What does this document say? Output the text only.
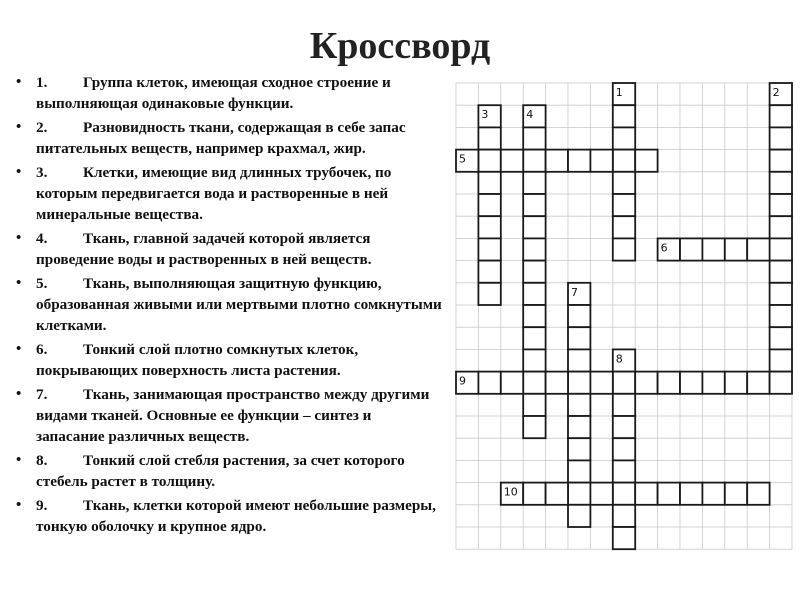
Кроссворд
• 1. Группа клеток, имеющая сходное строение и выполняющая одинаковые функции.
• 2. Разновидность ткани, содержащая в себе запас питательных веществ, например крахмал, жир.
• 3. Клетки, имеющие вид длинных трубочек, по которым передвигается вода и растворенные в ней минеральные вещества.
• 4. Ткань, главной задачей которой является проведение воды и растворенных в ней веществ.
• 5. Ткань, выполняющая защитную функцию, образованная живыми или мертвыми плотно сомкнутыми клетками.
• 6. Тонкий слой плотно сомкнутых клеток, покрывающих поверхность листа растения.
• 7. Ткань, занимающая пространство между другими видами тканей. Основные ее функции – синтез и запасание различных веществ.
• 8. Тонкий слой стебля растения, за счет которого стебель растет в толщину.
• 9. Ткань, клетки которой имеют небольшие размеры, тонкую оболочку и крупное ядро.
1	2
3	4
5
6
7
8
9
10
